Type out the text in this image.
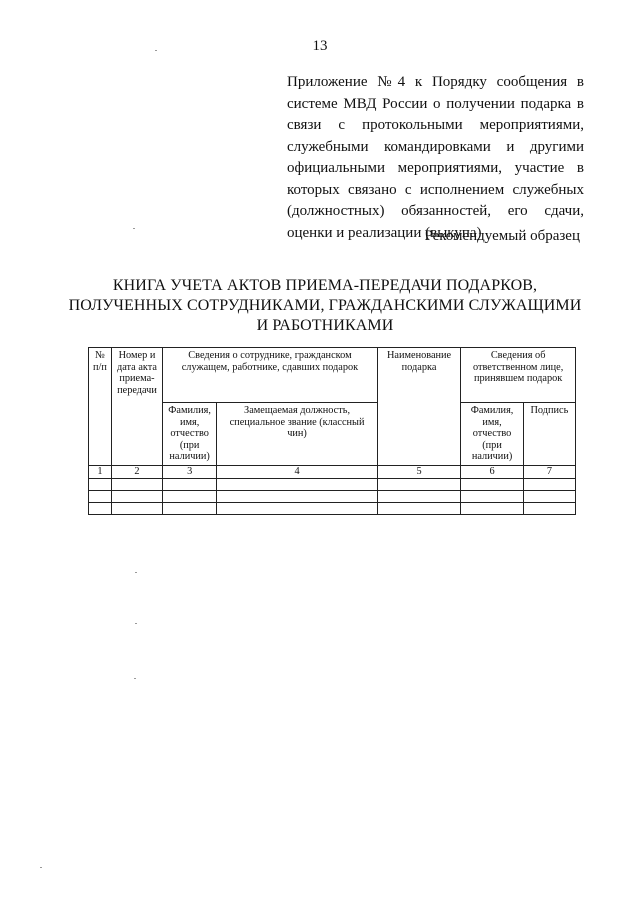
13
Приложение №4 к Порядку сообщения в
системе МВД России о получении подарка в
связи с протокольными мероприятиями,
служебными командировками и другими
официальными мероприятиями, участие в
которых связано с исполнением служебных
(должностных) обязанностей, его сдачи,
оценки и реализации (выкупа)
Рекомендуемый образец
КНИГА УЧЕТА АКТОВ ПРИЕМА-ПЕРЕДАЧИ ПОДАРКОВ,
ПОЛУЧЕННЫХ СОТРУДНИКАМИ, ГРАЖДАНСКИМИ СЛУЖАЩИМИ
И РАБОТНИКАМИ
№ п/п	Номер и дата акта приема-передачи	Сведения о сотруднике, гражданском служащем, работнике, сдавших подарок		Наименование подарка	Сведения об ответственном лице, принявшем подарок	
		Фамилия, имя, отчество (при наличии)	Замещаемая должность, специальное звание (классный чин)		Фамилия, имя, отчество (при наличии)	Подпись
1	2	3	4	5	6	7
